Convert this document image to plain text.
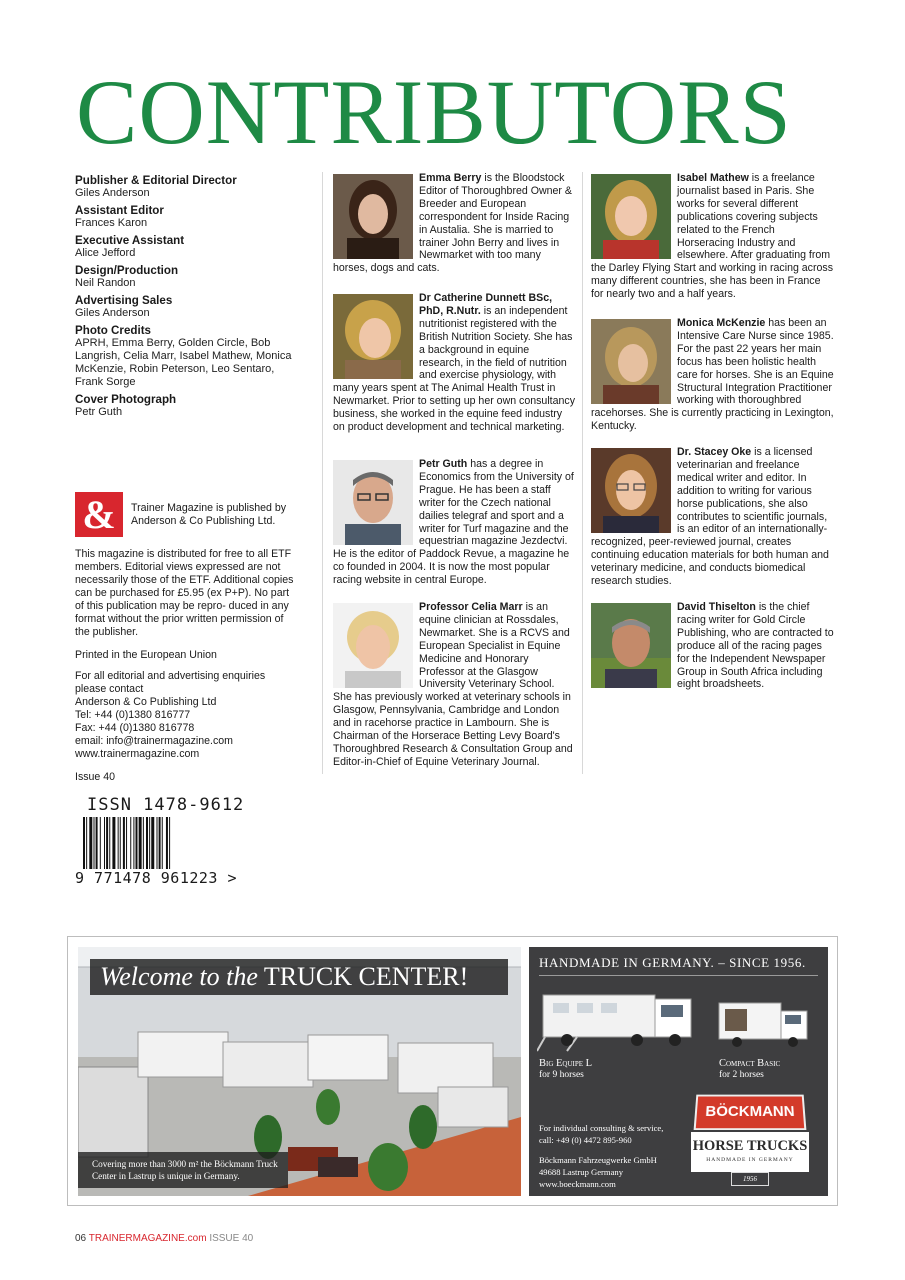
CONTRIBUTORS
Publisher & Editorial Director
Giles Anderson
Assistant Editor
Frances Karon
Executive Assistant
Alice Jefford
Design/Production
Neil Randon
Advertising Sales
Giles Anderson
Photo Credits
APRH, Emma Berry, Golden Circle, Bob Langrish, Celia Marr, Isabel Mathew, Monica McKenzie, Robin Peterson, Leo Sentaro, Frank Sorge
Cover Photograph
Petr Guth
&	Trainer Magazine is published by Anderson & Co Publishing Ltd.
This magazine is distributed for free to all ETF members. Editorial views expressed are not necessarily those of the ETF. Additional copies can be purchased for £5.95 (ex P+P). No part of this publication may be repro- duced in any format without the prior written permission of the publisher.
Printed in the European Union
For all editorial and advertising enquiries please contact
Anderson & Co Publishing Ltd
Tel: +44 (0)1380 816777
Fax: +44 (0)1380 816778
email: info@trainermagazine.com
www.trainermagazine.com
Issue 40
ISSN 1478-9612
9 771478 961223 >
Emma Berry is the Bloodstock Editor of Thoroughbred Owner & Breeder and European correspondent for Inside Racing in Austalia. She is married to trainer John Berry and lives in Newmarket with too many horses, dogs and cats.
Dr Catherine Dunnett BSc, PhD, R.Nutr. is an independent nutritionist registered with the British Nutrition Society. She has a background in equine research, in the field of nutrition and exercise physiology, with many years spent at The Animal Health Trust in Newmarket. Prior to setting up her own consultancy business, she worked in the equine feed industry on product development and technical marketing.
Petr Guth has a degree in Economics from the University of Prague. He has been a staff writer for the Czech national dailies telegraf and sport and a writer for Turf magazine and the equestrian magazine Jezdectvi. He is the editor of Paddock Revue, a magazine he co founded in 2004. It is now the most popular racing website in central Europe.
Professor Celia Marr is an equine clinician at Rossdales, Newmarket. She is a RCVS and European Specialist in Equine Medicine and Honorary Professor at the Glasgow University Veterinary School. She has previously worked at veterinary schools in Glasgow, Pennsylvania, Cambridge and London and in racehorse practice in Lambourn. She is Chairman of the Horserace Betting Levy Board's Thoroughbred Research & Consultation Group and Editor-in-Chief of Equine Veterinary Journal.
Isabel Mathew is a freelance journalist based in Paris. She works for several different publications covering subjects related to the French Horseracing Industry and elsewhere. After graduating from the Darley Flying Start and working in racing across many different countries, she has been in France for nearly two and a half years.
Monica McKenzie has been an Intensive Care Nurse since 1985. For the past 22 years her main focus has been holistic health care for horses. She is an Equine Structural Integration Practitioner working with thoroughbred racehorses. She is currently practicing in Lexington, Kentucky.
Dr. Stacey Oke is a licensed veterinarian and freelance medical writer and editor. In addition to writing for various horse publications, she also contributes to scientific journals, is an editor of an internationally-recognized, peer-reviewed journal, creates continuing education materials for both human and veterinary medicine, and conducts biomedical research studies.
David Thiselton is the chief racing writer for Gold Circle Publishing, who are contracted to produce all of the racing pages for the Independent Newspaper Group in South Africa including eight broadsheets.
Welcome to the TRUCK CENTER!
Covering more than 3000 m² the Böckmann Truck Center in Lastrup is unique in Germany.
HANDMADE IN GERMANY. – SINCE 1956.
Big Equipe L
for 9 horses
Compact Basic
for 2 horses
For individual consulting & service,
call: +49 (0) 4472 895-960
Böckmann Fahrzeugwerke GmbH
49688 Lastrup Germany
www.boeckmann.com
BÖCKMANN
HORSE TRUCKS
HANDMADE IN GERMANY
1956
06 TRAINERMAGAZINE.com ISSUE 40
